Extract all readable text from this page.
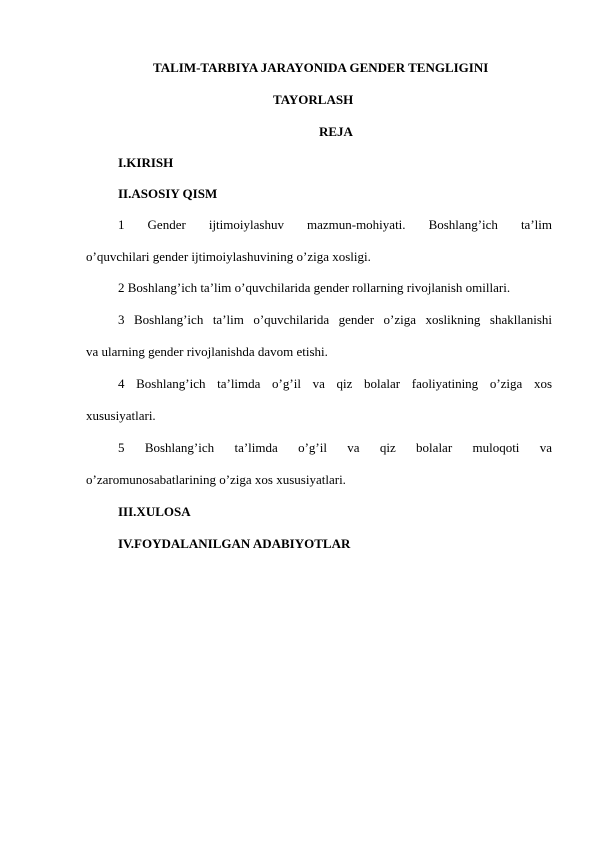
TALIM-TARBIYA JARAYONIDA GENDER TENGLIGINI
TAYORLASH
REJA
I.KIRISH
II.ASOSIY QISM
1 Gender ijtimoiylashuv mazmun-mohiyati. Boshlang’ich ta’lim
o’quvchilari gender ijtimoiylashuvining o’ziga xosligi.
2 Boshlang’ich ta’lim o’quvchilarida gender rollarning rivojlanish omillari.
3 Boshlang’ich ta’lim o’quvchilarida gender o’ziga xoslikning shakllanishi
va ularning gender rivojlanishda davom etishi.
4 Boshlang’ich ta’limda o’g’il va qiz bolalar faoliyatining o’ziga xos
xususiyatlari.
5 Boshlang’ich ta’limda o’g’il va qiz bolalar muloqoti va
o’zaromunosabatlarining o’ziga xos xususiyatlari.
III.XULOSA
IV.FOYDALANILGAN ADABIYOTLAR
